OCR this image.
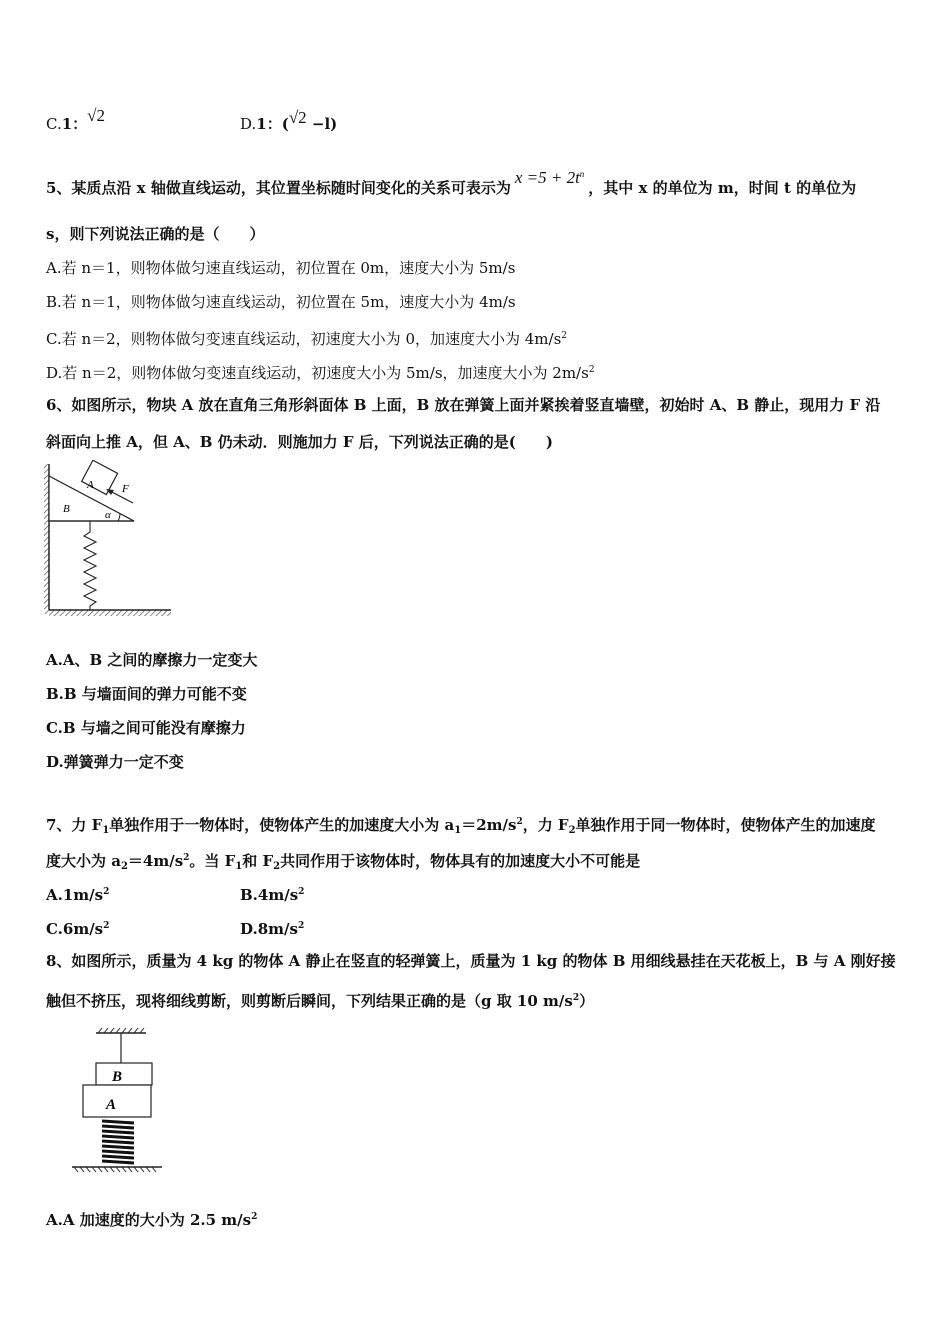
C.1：√2	D.1：(√2 −l)
5、某质点沿 x 轴做直线运动，其位置坐标随时间变化的关系可表示为$x =5 + 2t^n$，其中 x 的单位为 m，时间 t 的单位为
s，则下列说法正确的是（　　）
A.若 n＝1，则物体做匀速直线运动，初位置在 0m，速度大小为 5m/s
B.若 n＝1，则物体做匀速直线运动，初位置在 5m，速度大小为 4m/s
C.若 n＝2，则物体做匀变速直线运动，初速度大小为 0，加速度大小为 $4m/s^2$
D.若 n＝2，则物体做匀变速直线运动，初速度大小为 5m/s，加速度大小为 $2m/s^2$
6、如图所示，物块 A 放在直角三角形斜面体 B 上面，B 放在弹簧上面并紧挨着竖直墙壁，初始时 A、B 静止，现用力 F 沿
斜面向上推 A，但 A、B 仍未动．则施加力 F 后，下列说法正确的是(　　)
A
B
F
α
A.A、B 之间的摩擦力一定变大
B.B 与墙面间的弹力可能不变
C.B 与墙之间可能没有摩擦力
D.弹簧弹力一定不变
7、力 $F_1$单独作用于一物体时，使物体产生的加速度大小为 $a_1=2m/s^2$，力 $F_2$单独作用于同一物体时，使物体产生的加速度
度大小为 $a_2=4m/s^2$。当 $F_1$和 $F_2$共同作用于该物体时，物体具有的加速度大小不可能是
$A.1m/s^2$	$B.4m/s^2$
$C.6m/s^2$	$D.8m/s^2$
8、如图所示，质量为 4 kg 的物体 A 静止在竖直的轻弹簧上，质量为 1 kg 的物体 B 用细线悬挂在天花板上，B 与 A 刚好接
触但不挤压，现将细线剪断，则剪断后瞬间，下列结果正确的是（g 取 10 $m/s^2$）
B
A
A.A 加速度的大小为 2.5 $m/s^2$
